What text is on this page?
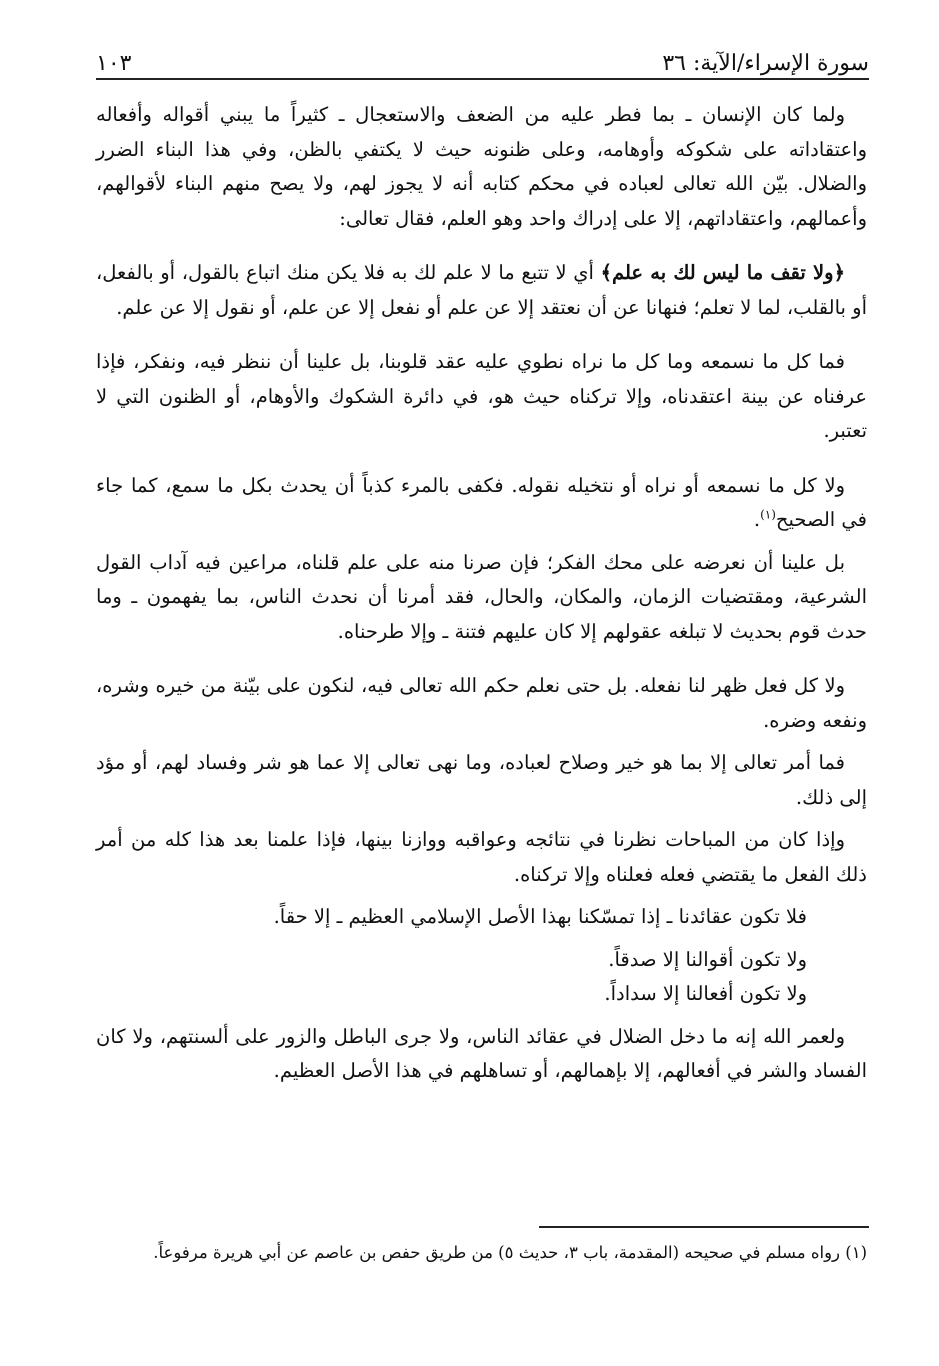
سورة الإسراء/الآية: ٣٦
١٠٣

ولما كان الإنسان ـ بما فطر عليه من الضعف والاستعجال ـ كثيراً ما يبني أقواله وأفعاله واعتقاداته على شكوكه وأوهامه، وعلى ظنونه حيث لا يكتفي بالظن، وفي هذا البناء الضرر والضلال. بيّن الله تعالى لعباده في محكم كتابه أنه لا يجوز لهم، ولا يصح منهم البناء لأقوالهم، وأعمالهم، واعتقاداتهم، إلا على إدراك واحد وهو العلم، فقال تعالى:

﴿ولا تقف ما ليس لك به علم﴾ أي لا تتبع ما لا علم لك به فلا يكن منك اتباع بالقول، أو بالفعل، أو بالقلب، لما لا تعلم؛ فنهانا عن أن نعتقد إلا عن علم أو نفعل إلا عن علم، أو نقول إلا عن علم.

فما كل ما نسمعه وما كل ما نراه نطوي عليه عقد قلوبنا، بل علينا أن ننظر فيه، ونفكر، فإذا عرفناه عن بينة اعتقدناه، وإلا تركناه حيث هو، في دائرة الشكوك والأوهام، أو الظنون التي لا تعتبر.

ولا كل ما نسمعه أو نراه أو نتخيله نقوله. فكفى بالمرء كذباً أن يحدث بكل ما سمع، كما جاء في الصحيح$^{(١)}$.

بل علينا أن نعرضه على محك الفكر؛ فإن صرنا منه على علم قلناه، مراعين فيه آداب القول الشرعية، ومقتضيات الزمان، والمكان، والحال، فقد أمرنا أن نحدث الناس، بما يفهمون ـ وما حدث قوم بحديث لا تبلغه عقولهم إلا كان عليهم فتنة ـ وإلا طرحناه.

ولا كل فعل ظهر لنا نفعله. بل حتى نعلم حكم الله تعالى فيه، لنكون على بيّنة من خيره وشره، ونفعه وضره.

فما أمر تعالى إلا بما هو خير وصلاح لعباده، وما نهى تعالى إلا عما هو شر وفساد لهم، أو مؤد إلى ذلك.

وإذا كان من المباحات نظرنا في نتائجه وعواقبه ووازنا بينها، فإذا علمنا بعد هذا كله من أمر ذلك الفعل ما يقتضي فعله فعلناه وإلا تركناه.

فلا تكون عقائدنا ـ إذا تمسّكنا بهذا الأصل الإسلامي العظيم ـ إلا حقاً.

ولا تكون أقوالنا إلا صدقاً.

ولا تكون أفعالنا إلا سداداً.

ولعمر الله إنه ما دخل الضلال في عقائد الناس، ولا جرى الباطل والزور على ألسنتهم، ولا كان الفساد والشر في أفعالهم، إلا بإهمالهم، أو تساهلهم في هذا الأصل العظيم.

(١) رواه مسلم في صحيحه (المقدمة، باب ٣، حديث ٥) من طريق حفص بن عاصم عن أبي هريرة مرفوعاً.
